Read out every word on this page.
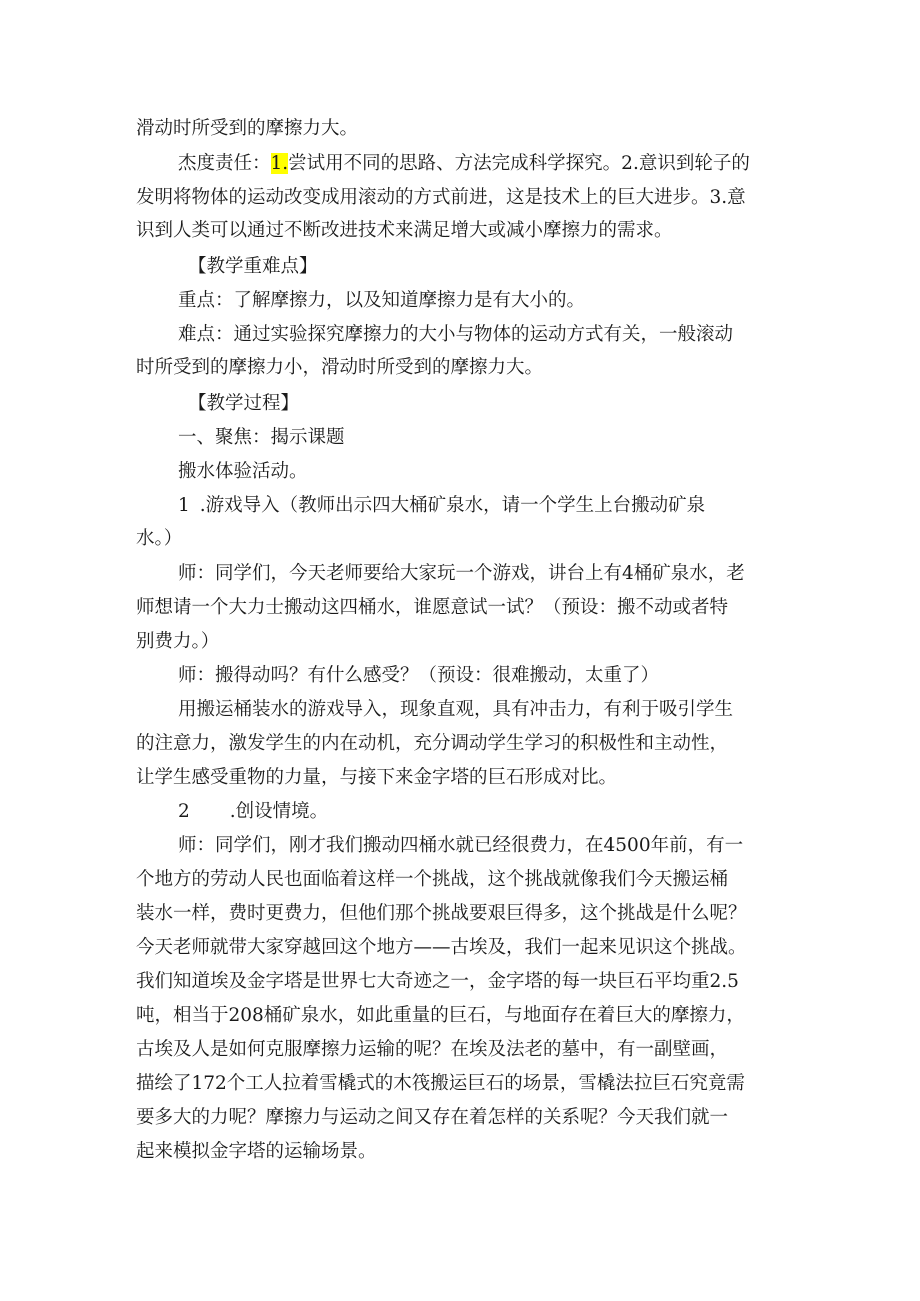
滑动时所受到的摩擦力大。
杰度责任：1.尝试用不同的思路、方法完成科学探究。2.意识到轮子的
发明将物体的运动改变成用滚动的方式前进，这是技术上的巨大进步。3.意
识到人类可以通过不断改进技术来满足增大或减小摩擦力的需求。
【教学重难点】
重点：了解摩擦力，以及知道摩擦力是有大小的。
难点：通过实验探究摩擦力的大小与物体的运动方式有关，一般滚动
时所受到的摩擦力小，滑动时所受到的摩擦力大。
【教学过程】
一、聚焦：揭示课题
搬水体验活动。
1 .游戏导入（教师出示四大桶矿泉水，请一个学生上台搬动矿泉
水。）
师：同学们，今天老师要给大家玩一个游戏，讲台上有4桶矿泉水，老
师想请一个大力士搬动这四桶水，谁愿意试一试？（预设：搬不动或者特
别费力。）
师：搬得动吗？有什么感受？（预设：很难搬动，太重了）
用搬运桶装水的游戏导入，现象直观，具有冲击力，有利于吸引学生
的注意力，激发学生的内在动机，充分调动学生学习的积极性和主动性，
让学生感受重物的力量，与接下来金字塔的巨石形成对比。
2 .创设情境。
师：同学们，刚才我们搬动四桶水就已经很费力，在4500年前，有一
个地方的劳动人民也面临着这样一个挑战，这个挑战就像我们今天搬运桶
装水一样，费时更费力，但他们那个挑战要艰巨得多，这个挑战是什么呢？
今天老师就带大家穿越回这个地方——古埃及，我们一起来见识这个挑战。
我们知道埃及金字塔是世界七大奇迹之一，金字塔的每一块巨石平均重2.5
吨，相当于208桶矿泉水，如此重量的巨石，与地面存在着巨大的摩擦力，
古埃及人是如何克服摩擦力运输的呢？在埃及法老的墓中，有一副壁画，
描绘了172个工人拉着雪橇式的木筏搬运巨石的场景，雪橇法拉巨石究竟需
要多大的力呢？摩擦力与运动之间又存在着怎样的关系呢？今天我们就一
起来模拟金字塔的运输场景。
